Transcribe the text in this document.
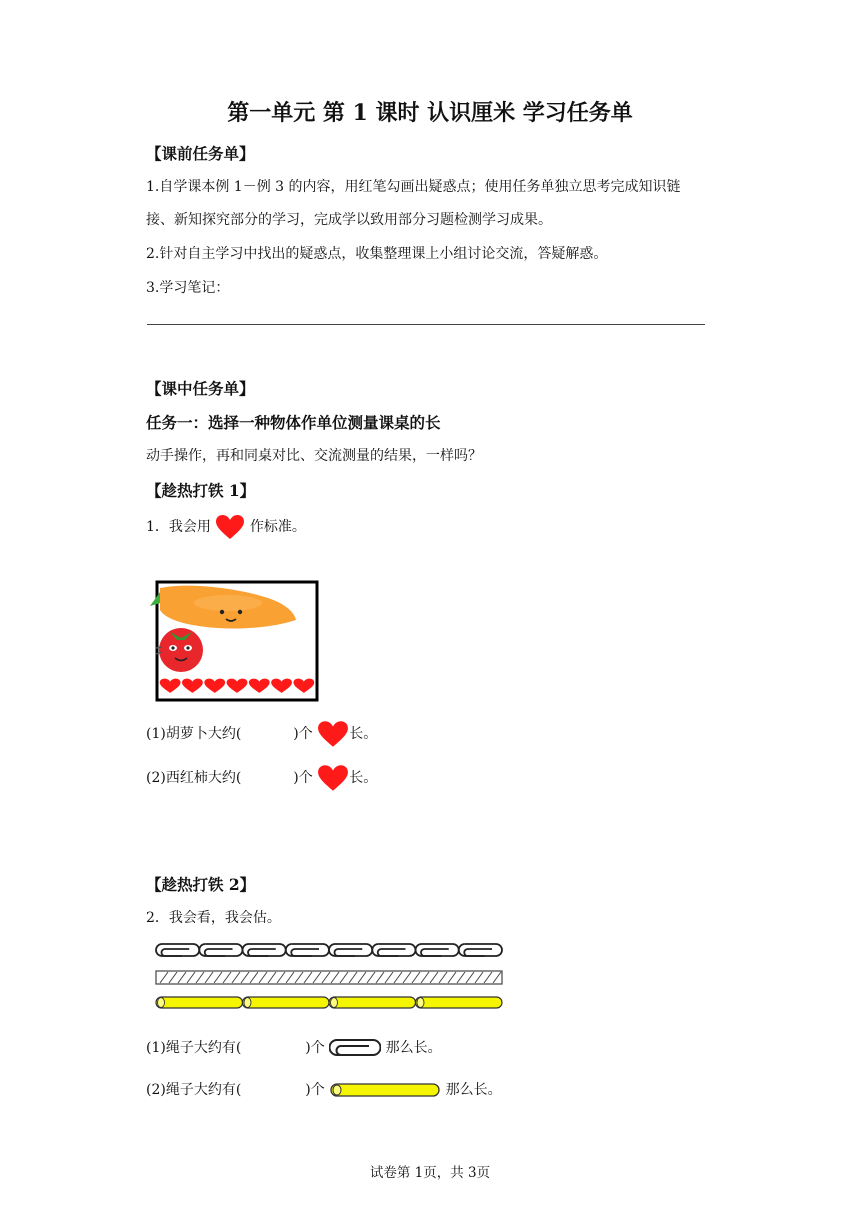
第一单元 第 1 课时 认识厘米 学习任务单
【课前任务单】
1.自学课本例 1－例 3 的内容，用红笔勾画出疑惑点；使用任务单独立思考完成知识链
接、新知探究部分的学习，完成学以致用部分习题检测学习成果。
2.针对自主学习中找出的疑惑点，收集整理课上小组讨论交流，答疑解惑。
3.学习笔记：
【课中任务单】
任务一：选择一种物体作单位测量课桌的长
动手操作，再和同桌对比、交流测量的结果，一样吗？
【趁热打铁 1】
1．我会用	作标准。
(1)胡萝卜大约(	)个	长。
(2)西红柿大约(	)个	长。
【趁热打铁 2】
2．我会看，我会估。
(1)绳子大约有(	)个	那么长。
(2)绳子大约有(	)个	那么长。
试卷第 1页，共 3页
